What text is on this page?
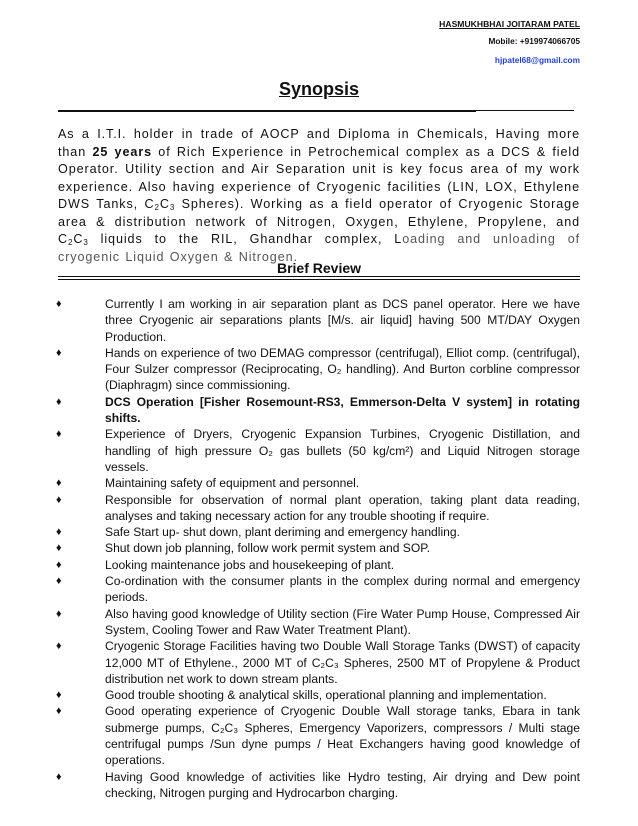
HASMUKHBHAI JOITARAM PATEL
Mobile: +919974066705
hjpatel68@gmail.com
Synopsis

As a I.T.I. holder in trade of AOCP and Diploma in Chemicals, Having more than 25 years of Rich Experience in Petrochemical complex as a DCS & field Operator. Utility section and Air Separation unit is key focus area of my work experience. Also having experience of Cryogenic facilities (LIN, LOX, Ethylene DWS Tanks, $C_2C_3$ Spheres). Working as a field operator of Cryogenic Storage area & distribution network of Nitrogen, Oxygen, Ethylene, Propylene, and $C_2C_3$ liquids to the RIL, Ghandhar complex, Loading and unloading of cryogenic Liquid Oxygen & Nitrogen.

Brief Review
♦	Currently I am working in air separation plant as DCS panel operator. Here we have three Cryogenic air separations plants [M/s. air liquid] having 500 MT/DAY Oxygen Production.
♦	Hands on experience of two DEMAG compressor (centrifugal), Elliot comp. (centrifugal), Four Sulzer compressor (Reciprocating, O₂ handling). And Burton corbline compressor (Diaphragm) since commissioning.
♦	DCS Operation [Fisher Rosemount-RS3, Emmerson-Delta V system] in rotating shifts.
♦	Experience of Dryers, Cryogenic Expansion Turbines, Cryogenic Distillation, and handling of high pressure O₂ gas bullets (50 kg/cm²) and Liquid Nitrogen storage vessels.
♦	Maintaining safety of equipment and personnel.
♦	Responsible for observation of normal plant operation, taking plant data reading, analyses and taking necessary action for any trouble shooting if require.
♦	Safe Start up- shut down, plant deriming and emergency handling.
♦	Shut down job planning, follow work permit system and SOP.
♦	Looking maintenance jobs and housekeeping of plant.
♦	Co-ordination with the consumer plants in the complex during normal and emergency periods.
♦	Also having good knowledge of Utility section (Fire Water Pump House, Compressed Air System, Cooling Tower and Raw Water Treatment Plant).
♦	Cryogenic Storage Facilities having two Double Wall Storage Tanks (DWST) of capacity 12,000 MT of Ethylene., 2000 MT of C₂C₃ Spheres, 2500 MT of Propylene & Product distribution net work to down stream plants.
♦	Good trouble shooting & analytical skills, operational planning and implementation.
♦	Good operating experience of Cryogenic Double Wall storage tanks, Ebara in tank submerge pumps, C₂C₃ Spheres, Emergency Vaporizers, compressors / Multi stage centrifugal pumps /Sun dyne pumps / Heat Exchangers having good knowledge of operations.
♦	Having Good knowledge of activities like Hydro testing, Air drying and Dew point checking, Nitrogen purging and Hydrocarbon charging.
